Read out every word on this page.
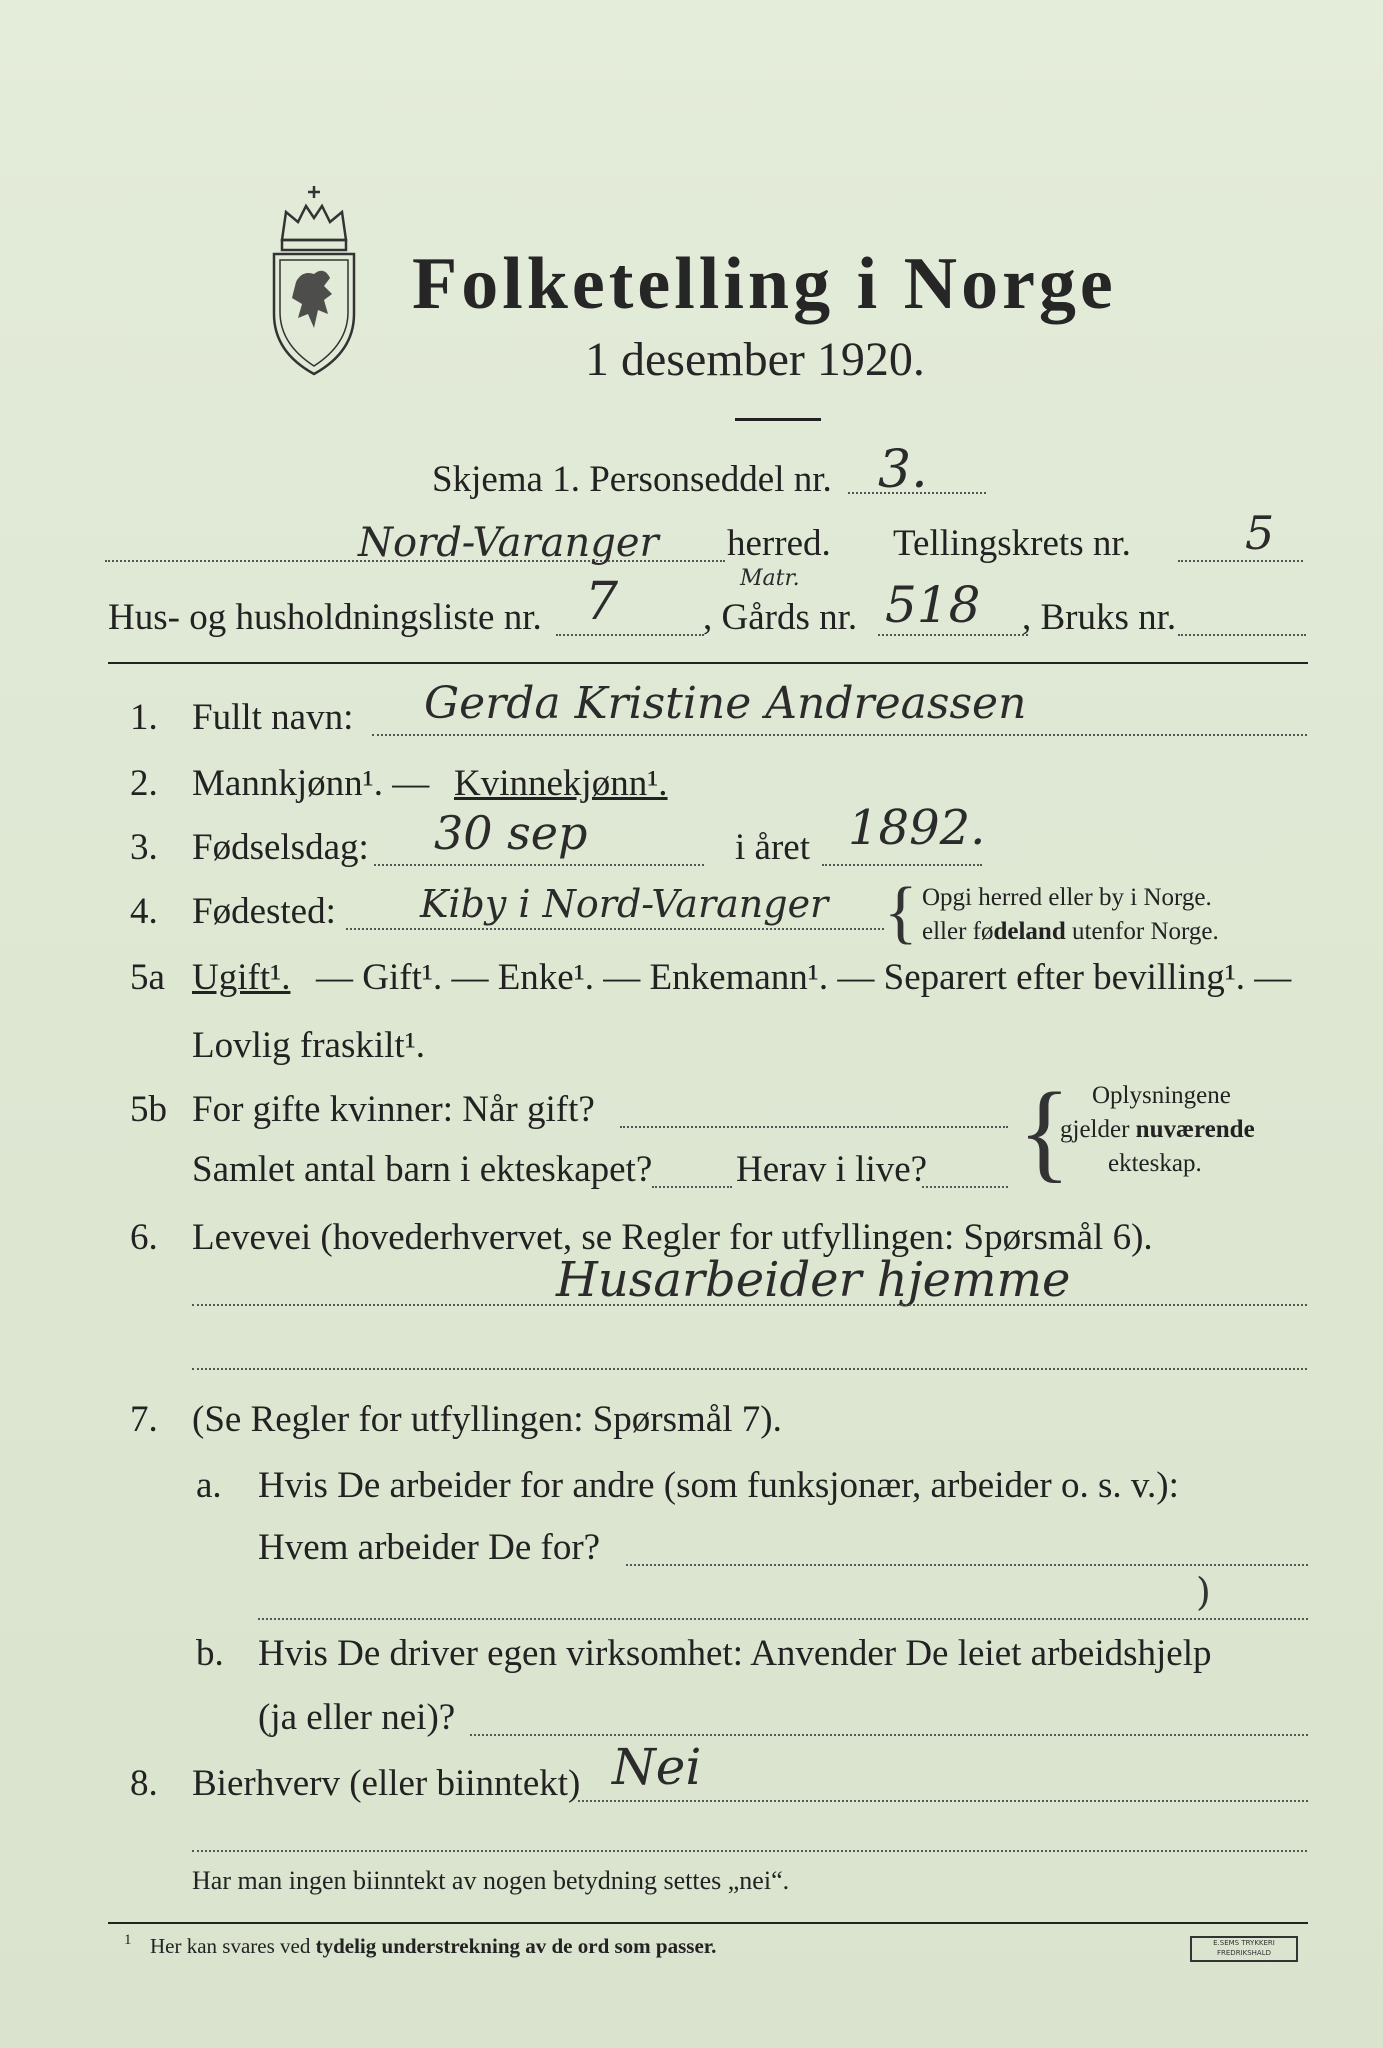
Folketelling i Norge
1 desember 1920.
Skjema 1. Personseddel nr. 3.
Nord-Varanger herred. Tellingskrets nr. 5
Hus- og husholdningsliste nr. 7	Matr.
, Gårds nr. 518 , Bruks nr.
1. Fullt navn: Gerda Kristine Andreassen
2. Mannkjønn¹. — Kvinnekjønn¹.
3. Fødselsdag: 30 sep	i året 1892.
4. Fødested: Kiby i Nord-Varanger { Opgi herred eller by i Norge.
eller fødeland utenfor Norge.
5a Ugift¹. — Gift¹. — Enke¹. — Enkemann¹. — Separert efter bevilling¹. —
Lovlig fraskilt¹.
5b For gifte kvinner: Når gift?
Samlet antal barn i ekteskapet? Herav i live? { Oplysningene
gjelder nuværende
ekteskap.
6. Levevei (hovederhvervet, se Regler for utfyllingen: Spørsmål 6).
Husarbeider hjemme
7. (Se Regler for utfyllingen: Spørsmål 7).
a. Hvis De arbeider for andre (som funksjonær, arbeider o. s. v.):
Hvem arbeider De for?
)
b. Hvis De driver egen virksomhet: Anvender De leiet arbeidshjelp
(ja eller nei)?
8. Bierhverv (eller biinntekt) Nei
Har man ingen biinntekt av nogen betydning settes „nei“.
1 Her kan svares ved tydelig understrekning av de ord som passer.	E.SEMS TRYKKERI FREDRIKSHALD
